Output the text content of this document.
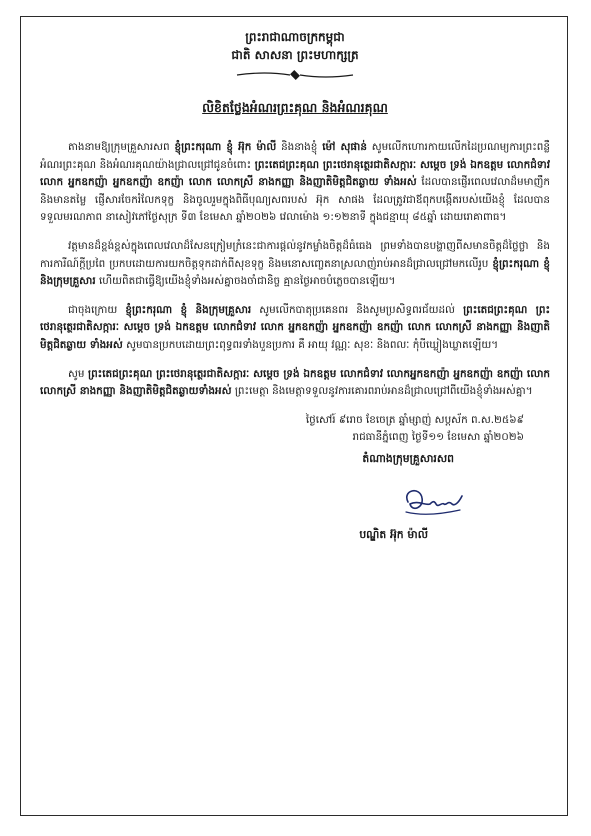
ព្រះរាជាណាចក្រកម្ពុជា
ជាតិ សាសនា ព្រះមហាក្សត្រ
លិខិតថ្លែងអំណរព្រះគុណ និងអំណរគុណ

តាងនាមឱ្យក្រុមគ្រួសារសព ខ្ញុំព្រះករុណា ខ្ញុំ អ៊ុក ម៉ាលី និងនាងខ្ញុំ ម៉ៅ សុផាន់ សូមលើកហោរកាយលើកដៃប្រណម្យការព្រះពន្លឺអំណរព្រះគុណ និងអំណរគុណយ៉ាងជ្រាលជ្រៅជូនចំពោះ ព្រះតេជព្រះគុណ ព្រះថេរានុត្ថេរជាតិសក្ការៈ សម្តេច ទ្រង់ ឯកឧត្តម លោកជំទាវ លោក អ្នកឧកញ៉ា អ្នកឧកញ៉ា ឧកញ៉ា លោក លោកស្រី នាងកញ្ញា និងញាតិមិត្តជិតឆ្ងាយ ទាំងអស់ ដែលបានផ្ញើរពេលវេលាដ៏មមាញឹក និងមានតម្លៃ ផ្ញើសារចែករំលែកទុក្ខ និងចូលរួមក្នុងពិធីបុណ្យសពរបស់ អ៊ុក សាផង ដែលត្រូវជាឪពុកបង្កើតរបស់យើងខ្ញុំ ដែលបានទទួលមរណភាព នាសៀវភៅថ្ងៃសុក្រ ទី៣ ខែមេសា ឆ្នាំ២០២៦ វេលាម៉ោង ១:១២នាទី ក្នុងជន្មាយុ ៨៥ឆ្នាំ ដោយរោគាពាធ។

វត្តមានដ៏ខ្ពង់ខ្ពស់ក្នុងពេលវេលាដ៏សែនក្រៀមក្រំនេះជាការផ្តល់នូវកម្លាំងចិត្តដ៏ធំធេង ព្រមទាំងបានបង្ហាញពីសមានចិត្តដ៏ថ្លៃថ្លា និងការការីណ៍ក្តីប្រពៃ ប្រកបដោយការយកចិត្តទុកដាក់ពីសុខទុក្ខ និងមនោសញ្ចេតនាស្រលាញ់រាប់អានដ៏ជ្រាលជ្រៅមកលើរូប ខ្ញុំព្រះករុណា ខ្ញុំ និងក្រុមគ្រួសារ ហើយពិតជាធ្វើឱ្យយើងខ្ញុំទាំងអស់គ្នាចងចាំជានិច្ច គ្មានថ្ងៃអាចបំភ្លេចបានឡើយ។

ជាចុងក្រោយ ខ្ញុំព្រះករុណា ខ្ញុំ និងក្រុមគ្រួសារ សូមលើកបាតុប្រគេនពរ និងសូមប្រសិទ្ធពរជ័យដល់ ព្រះតេជព្រះគុណ ព្រះថេរានុត្ថេរជាតិសក្ការៈ សម្តេច ទ្រង់ ឯកឧត្តម លោកជំទាវ លោក អ្នកឧកញ៉ា អ្នកឧកញ៉ា ឧកញ៉ា លោក លោកស្រី នាងកញ្ញា និងញាតិមិត្តជិតឆ្ងាយ ទាំងអស់ សូមបានប្រកបដោយព្រះពុទ្ធពរទាំងបួនប្រការ គឺ អាយុ វណ្ណៈ សុខៈ និងពលៈ កុំបីឃ្លៀងឃ្លាតឡើយ។

សូម ព្រះតេជព្រះគុណ ព្រះថេរានុត្ថេរជាតិសក្ការៈ សម្តេច ទ្រង់ ឯកឧត្តម លោកជំទាវ លោកអ្នកឧកញ៉ា អ្នកឧកញ៉ា ឧកញ៉ា លោក លោកស្រី នាងកញ្ញា និងញាតិមិត្តជិតឆ្ងាយទាំងអស់ ព្រះមេត្តា និងមេត្តាទទួលនូវការគោរពរាប់អានដ៏ជ្រាលជ្រៅពីយើងខ្ញុំទាំងអស់គ្នា។

ថ្ងៃសៅរ៍ ៩រោច ខែចេត្រ ឆ្នាំម្សាញ់ សប្តស័ក ព.ស.២៥៦៩
រាជធានីភ្នំពេញ ថ្ងៃទី១១ ខែមេសា ឆ្នាំ២០២៦
តំណាងក្រុមគ្រួសារសព
បណ្ឌិត អ៊ុក ម៉ាលី
